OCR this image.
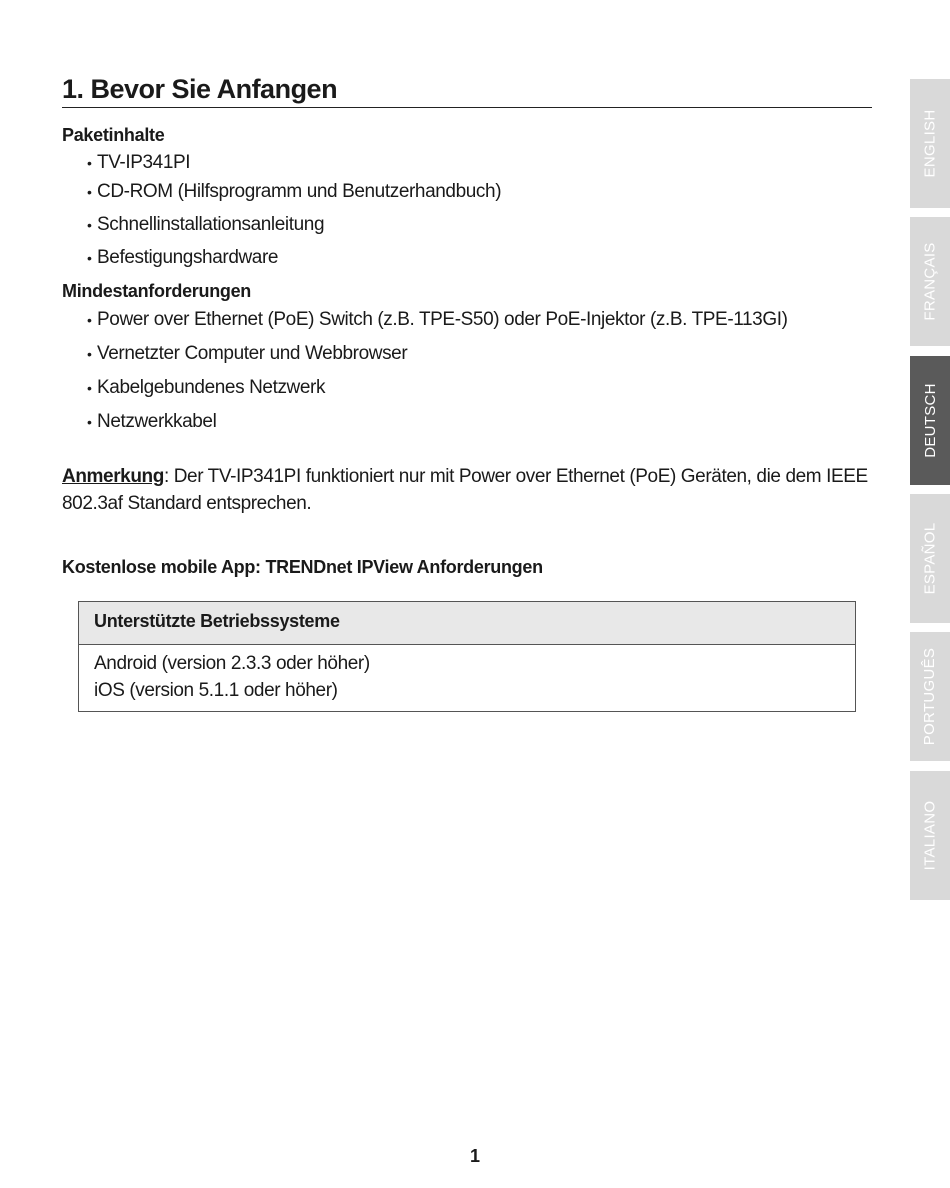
1. Bevor Sie Anfangen
Paketinhalte
• TV-IP341PI
• CD-ROM (Hilfsprogramm und Benutzerhandbuch)
• Schnellinstallationsanleitung
• Befestigungshardware
Mindestanforderungen
• Power over Ethernet (PoE) Switch (z.B. TPE-S50) oder PoE-Injektor (z.B. TPE-113GI)
• Vernetzter Computer und Webbrowser
• Kabelgebundenes Netzwerk
• Netzwerkkabel

Anmerkung: Der TV-IP341PI funktioniert nur mit Power over Ethernet (PoE) Geräten, die dem IEEE 802.3af Standard entsprechen.

Kostenlose mobile App: TRENDnet IPView Anforderungen
Unterstützte Betriebssysteme
Android (version 2.3.3 oder höher)
iOS (version 5.1.1 oder höher)
1
ENGLISH
FRANÇAIS
DEUTSCH
ESPAÑOL
PORTUGUÊS
ITALIANO
